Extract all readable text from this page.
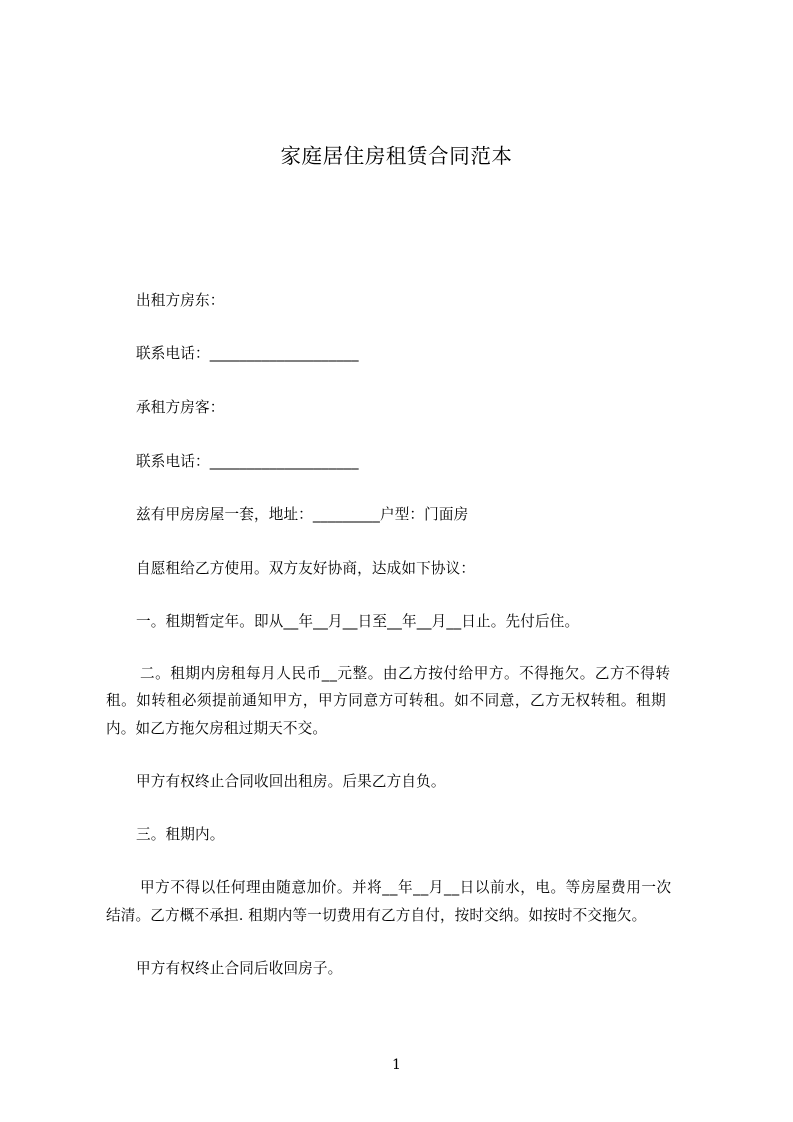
家庭居住房租赁合同范本
出租方房东：
联系电话：____________________
承租方房客：
联系电话：____________________
兹有甲房房屋一套，地址：_________户型：门面房
自愿租给乙方使用。双方友好协商，达成如下协议：
一。租期暂定年。即从__年__月__日至__年__月__日止。先付后住。
二。租期内房租每月人民币__元整。由乙方按付给甲方。不得拖欠。乙方不得转
租。如转租必须提前通知甲方，甲方同意方可转租。如不同意，乙方无权转租。租期
内。如乙方拖欠房租过期天不交。
甲方有权终止合同收回出租房。后果乙方自负。
三。租期内。
甲方不得以任何理由随意加价。并将__年__月__日以前水，电。等房屋费用一次
结清。乙方概不承担. 租期内等一切费用有乙方自付，按时交纳。如按时不交拖欠。
甲方有权终止合同后收回房子。
1
